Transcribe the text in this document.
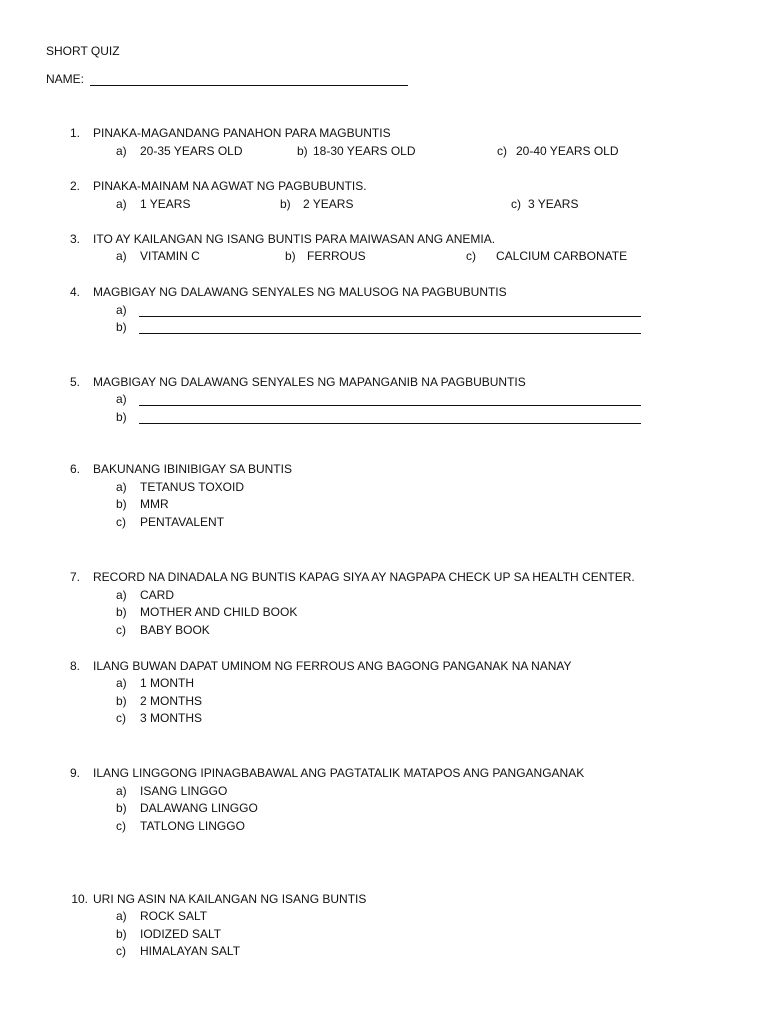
SHORT QUIZ
NAME:
1. PINAKA-MAGANDANG PANAHON PARA MAGBUNTIS
a) 20-35 YEARS OLD	b) 18-30 YEARS OLD	c) 20-40 YEARS OLD
2. PINAKA-MAINAM NA AGWAT NG PAGBUBUNTIS.
a) 1 YEARS	b) 2 YEARS	c) 3 YEARS
3. ITO AY KAILANGAN NG ISANG BUNTIS PARA MAIWASAN ANG ANEMIA.
a) VITAMIN C	b) FERROUS	c) CALCIUM CARBONATE
4. MAGBIGAY NG DALAWANG SENYALES NG MALUSOG NA PAGBUBUNTIS
a)
b)
5. MAGBIGAY NG DALAWANG SENYALES NG MAPANGANIB NA PAGBUBUNTIS
a)
b)
6. BAKUNANG IBINIBIGAY SA BUNTIS
a) TETANUS TOXOID
b) MMR
c) PENTAVALENT
7. RECORD NA DINADALA NG BUNTIS KAPAG SIYA AY NAGPAPA CHECK UP SA HEALTH CENTER.
a) CARD
b) MOTHER AND CHILD BOOK
c) BABY BOOK
8. ILANG BUWAN DAPAT UMINOM NG FERROUS ANG BAGONG PANGANAK NA NANAY
a) 1 MONTH
b) 2 MONTHS
c) 3 MONTHS
9. ILANG LINGGONG IPINAGBABAWAL ANG PAGTATALIK MATAPOS ANG PANGANGANAK
a) ISANG LINGGO
b) DALAWANG LINGGO
c) TATLONG LINGGO
10. URI NG ASIN NA KAILANGAN NG ISANG BUNTIS
a) ROCK SALT
b) IODIZED SALT
c) HIMALAYAN SALT
